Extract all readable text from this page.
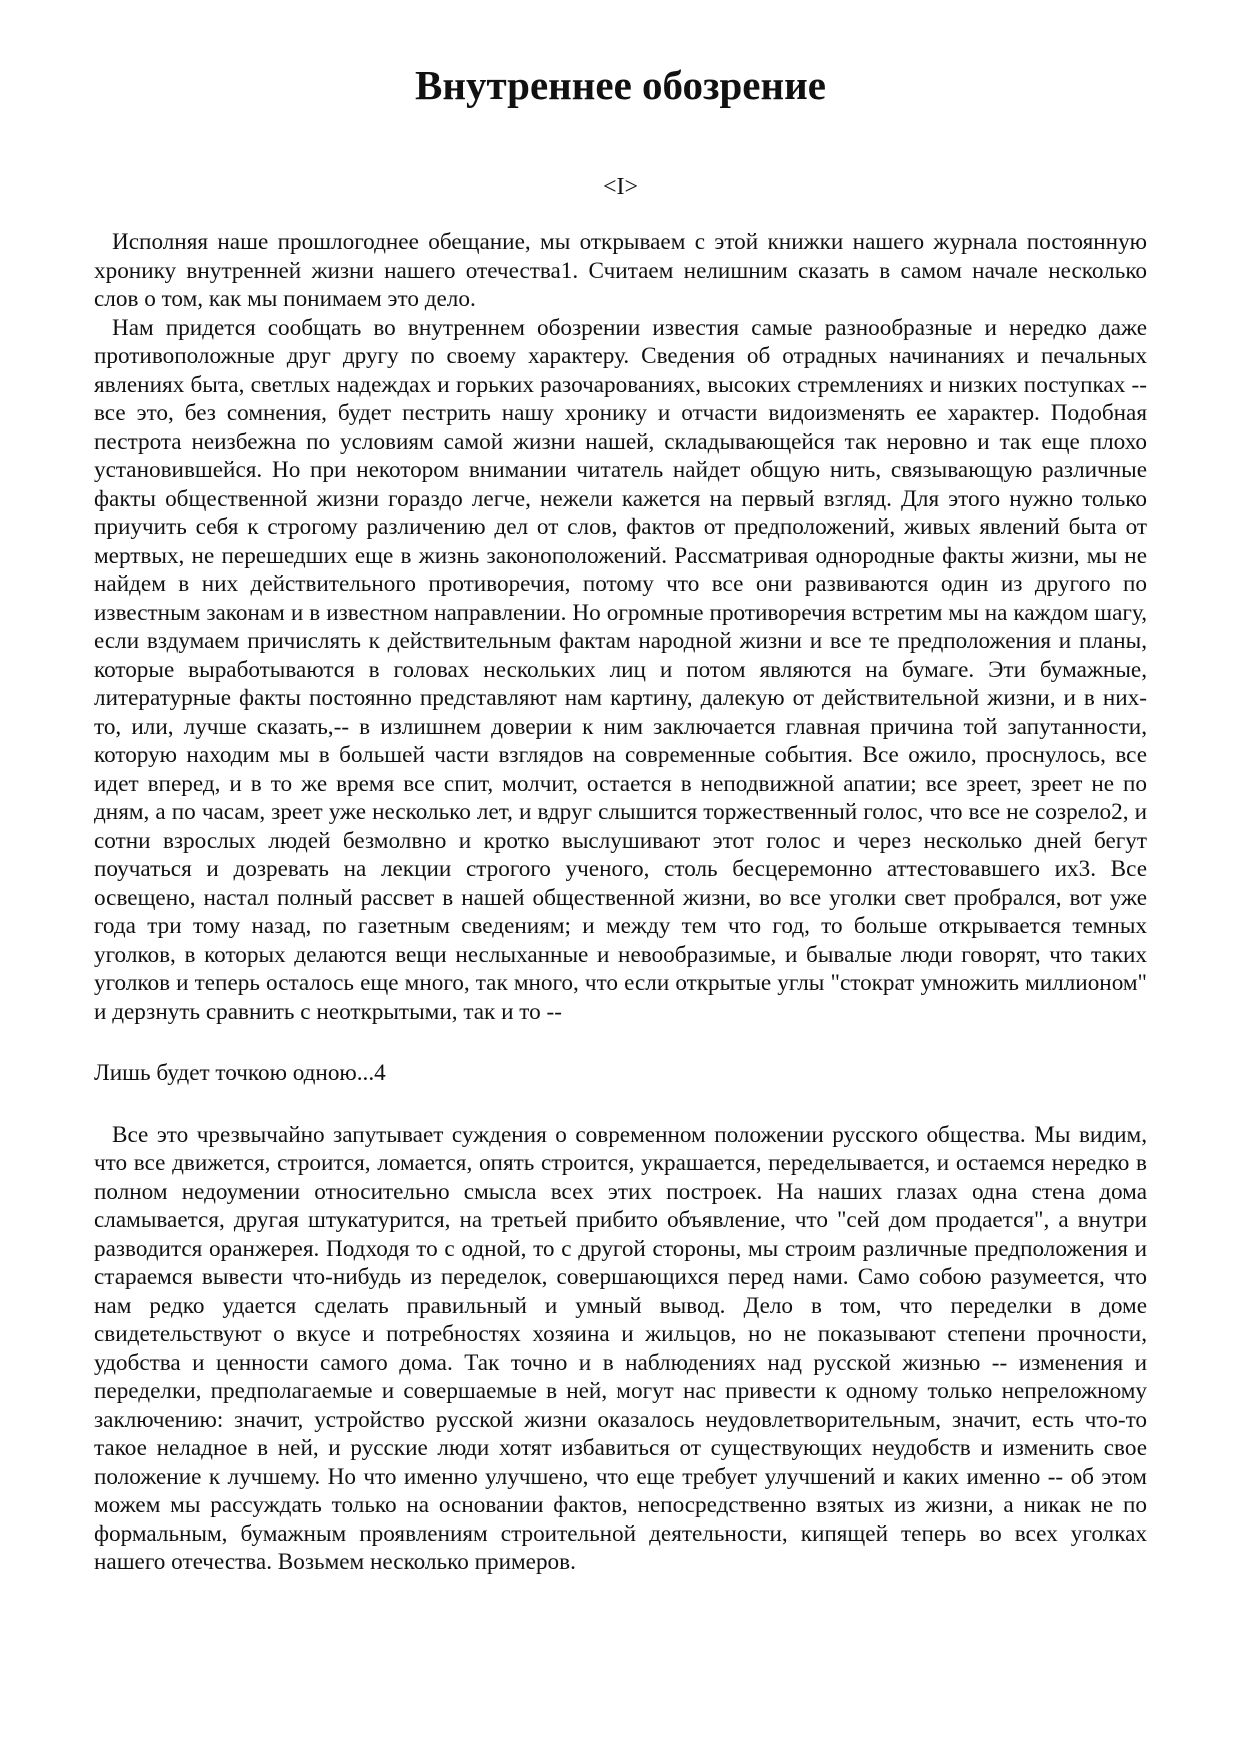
Внутреннее обозрение
<I>

Исполняя наше прошлогоднее обещание, мы открываем с этой книжки нашего журнала постоянную хронику внутренней жизни нашего отечества1. Считаем нелишним сказать в самом начале несколько слов о том, как мы понимаем это дело.

Нам придется сообщать во внутреннем обозрении известия самые разнообразные и нередко даже противоположные друг другу по своему характеру. Сведения об отрадных начинаниях и печальных явлениях быта, светлых надеждах и горьких разочарованиях, высоких стремлениях и низких поступках -- все это, без сомнения, будет пестрить нашу хронику и отчасти видоизменять ее характер. Подобная пестрота неизбежна по условиям самой жизни нашей, складывающейся так неровно и так еще плохо установившейся. Но при некотором внимании читатель найдет общую нить, связывающую различные факты общественной жизни гораздо легче, нежели кажется на первый взгляд. Для этого нужно только приучить себя к строгому различению дел от слов, фактов от предположений, живых явлений быта от мертвых, не перешедших еще в жизнь законоположений. Рассматривая однородные факты жизни, мы не найдем в них действительного противоречия, потому что все они развиваются один из другого по известным законам и в известном направлении. Но огромные противоречия встретим мы на каждом шагу, если вздумаем причислять к действительным фактам народной жизни и все те предположения и планы, которые выработываются в головах нескольких лиц и потом являются на бумаге. Эти бумажные, литературные факты постоянно представляют нам картину, далекую от действительной жизни, и в них-то, или, лучше сказать,-- в излишнем доверии к ним заключается главная причина той запутанности, которую находим мы в большей части взглядов на современные события. Все ожило, проснулось, все идет вперед, и в то же время все спит, молчит, остается в неподвижной апатии; все зреет, зреет не по дням, а по часам, зреет уже несколько лет, и вдруг слышится торжественный голос, что все не созрело2, и сотни взрослых людей безмолвно и кротко выслушивают этот голос и через несколько дней бегут поучаться и дозревать на лекции строгого ученого, столь бесцеремонно аттестовавшего их3. Все освещено, настал полный рассвет в нашей общественной жизни, во все уголки свет пробрался, вот уже года три тому назад, по газетным сведениям; и между тем что год, то больше открывается темных уголков, в которых делаются вещи неслыханные и невообразимые, и бывалые люди говорят, что таких уголков и теперь осталось еще много, так много, что если открытые углы "стократ умножить миллионом" и дерзнуть сравнить с неоткрытыми, так и то --

Лишь будет точкою одною...4

Все это чрезвычайно запутывает суждения о современном положении русского общества. Мы видим, что все движется, строится, ломается, опять строится, украшается, переделывается, и остаемся нередко в полном недоумении относительно смысла всех этих построек. На наших глазах одна стена дома сламывается, другая штукатурится, на третьей прибито объявление, что "сей дом продается", а внутри разводится оранжерея. Подходя то с одной, то с другой стороны, мы строим различные предположения и стараемся вывести что-нибудь из переделок, совершающихся перед нами. Само собою разумеется, что нам редко удается сделать правильный и умный вывод. Дело в том, что переделки в доме свидетельствуют о вкусе и потребностях хозяина и жильцов, но не показывают степени прочности, удобства и ценности самого дома. Так точно и в наблюдениях над русской жизнью -- изменения и переделки, предполагаемые и совершаемые в ней, могут нас привести к одному только непреложному заключению: значит, устройство русской жизни оказалось неудовлетворительным, значит, есть что-то такое неладное в ней, и русские люди хотят избавиться от существующих неудобств и изменить свое положение к лучшему. Но что именно улучшено, что еще требует улучшений и каких именно -- об этом можем мы рассуждать только на основании фактов, непосредственно взятых из жизни, а никак не по формальным, бумажным проявлениям строительной деятельности, кипящей теперь во всех уголках нашего отечества. Возьмем несколько примеров.
